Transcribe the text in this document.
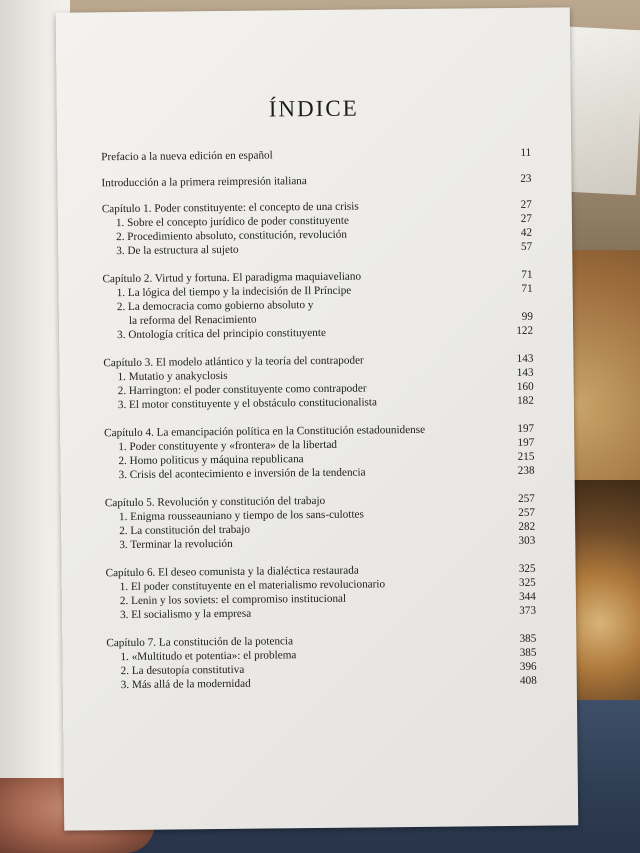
ÍNDICE
Prefacio a la nueva edición en español	11
Introducción a la primera reimpresión italiana	23
Capítulo 1. Poder constituyente: el concepto de una crisis	27
1. Sobre el concepto jurídico de poder constituyente	27
2. Procedimiento absoluto, constitución, revolución	42
3. De la estructura al sujeto	57
Capítulo 2. Virtud y fortuna. El paradigma maquiaveliano	71
1. La lógica del tiempo y la indecisión de Il Príncipe	71
2. La democracia como gobierno absoluto y
la reforma del Renacimiento	99
3. Ontología crítica del principio constituyente	122
Capítulo 3. El modelo atlántico y la teoría del contrapoder	143
1. Mutatio y anakyclosis	143
2. Harrington: el poder constituyente como contrapoder	160
3. El motor constituyente y el obstáculo constitucionalista	182
Capítulo 4. La emancipación política en la Constitución estadounidense	197
1. Poder constituyente y «frontera» de la libertad	197
2. Homo politicus y máquina republicana	215
3. Crisis del acontecimiento e inversión de la tendencia	238
Capítulo 5. Revolución y constitución del trabajo	257
1. Enigma rousseauniano y tiempo de los sans-culottes	257
2. La constitución del trabajo	282
3. Terminar la revolución	303
Capítulo 6. El deseo comunista y la dialéctica restaurada	325
1. El poder constituyente en el materialismo revolucionario	325
2. Lenin y los soviets: el compromiso institucional	344
3. El socialismo y la empresa	373
Capítulo 7. La constitución de la potencia	385
1. «Multitudo et potentia»: el problema	385
2. La desutopía constitutiva	396
3. Más allá de la modernidad	408
